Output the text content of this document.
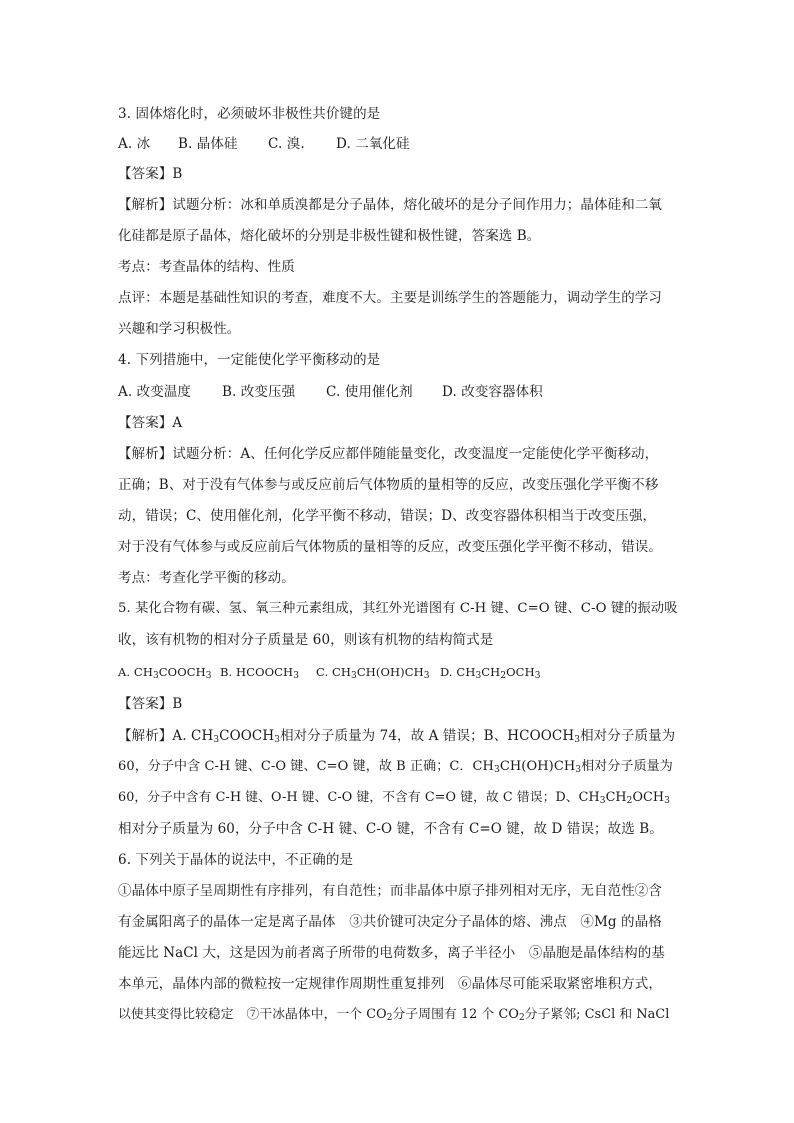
3. 固体熔化时，必须破坏非极性共价键的是
A. 冰 B. 晶体硅 C. 溴. D. 二氧化硅
【答案】B
【解析】试题分析：冰和单质溴都是分子晶体，熔化破坏的是分子间作用力；晶体硅和二氧
化硅都是原子晶体，熔化破坏的分别是非极性键和极性键，答案选 B。
考点：考查晶体的结构、性质
点评：本题是基础性知识的考查，难度不大。主要是训练学生的答题能力，调动学生的学习
兴趣和学习积极性。
4. 下列措施中，一定能使化学平衡移动的是
A. 改变温度 B. 改变压强 C. 使用催化剂 D. 改变容器体积
【答案】A
【解析】试题分析：A、任何化学反应都伴随能量变化，改变温度一定能使化学平衡移动，
正确；B、对于没有气体参与或反应前后气体物质的量相等的反应，改变压强化学平衡不移
动，错误；C、使用催化剂，化学平衡不移动，错误；D、改变容器体积相当于改变压强，
对于没有气体参与或反应前后气体物质的量相等的反应，改变压强化学平衡不移动，错误。
考点：考查化学平衡的移动。
5. 某化合物有碳、氢、氧三种元素组成，其红外光谱图有 C-H 键、C=O 键、C-O 键的振动吸
收，该有机物的相对分子质量是 60，则该有机物的结构简式是
A. $CH_3COOCH_3$ B. $HCOOCH_3$ C. $CH_3CH(OH)CH_3$ D. $CH_3CH_2OCH_3$
【答案】B
【解析】A. $CH_3COOCH_3$相对分子质量为 74，故 A 错误；B、$HCOOCH_3$相对分子质量为
60，分子中含 C-H 键、C-O 键、C=O 键，故 B 正确；C．$CH_3CH(OH)CH_3$相对分子质量为
60，分子中含有 C-H 键、O-H 键、C-O 键，不含有 C=O 键，故 C 错误；D、$CH_3CH_2OCH_3$
相对分子质量为 60，分子中含 C-H 键、C-O 键，不含有 C=O 键，故 D 错误；故选 B。
6. 下列关于晶体的说法中，不正确的是
①晶体中原子呈周期性有序排列，有自范性；而非晶体中原子排列相对无序，无自范性②含
有金属阳离子的晶体一定是离子晶体　③共价键可决定分子晶体的熔、沸点　④Mg 的晶格
能远比 NaCl 大，这是因为前者离子所带的电荷数多，离子半径小　⑤晶胞是晶体结构的基
本单元，晶体内部的微粒按一定规律作周期性重复排列　⑥晶体尽可能采取紧密堆积方式，
以使其变得比较稳定　⑦干冰晶体中，一个 $CO_2$分子周围有 12 个 $CO_2$分子紧邻; CsCl 和 NaCl
